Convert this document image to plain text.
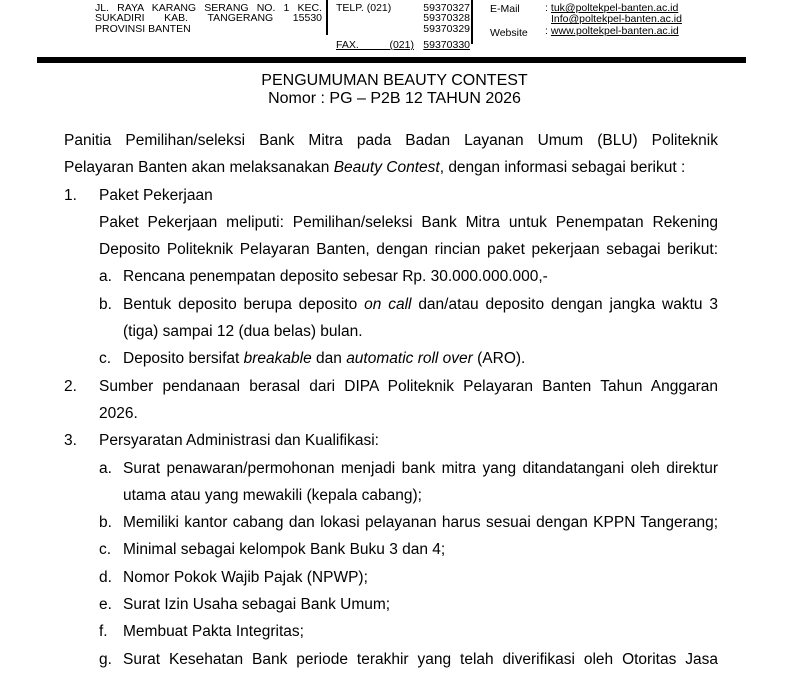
JL. RAYA KARANG SERANG NO. 1 KEC.
SUKADIRI KAB. TANGERANG 15530
PROVINSI BANTEN
TELP. (021)	59370327
59370328
59370329
FAX. (021) 59370330
E-Mail : tuk@poltekpel-banten.ac.id
Info@poltekpel-banten.ac.id
Website : www.poltekpel-banten.ac.id
PENGUMUMAN BEAUTY CONTEST
Nomor : PG – P2B 12 TAHUN 2026
Panitia Pemilihan/seleksi Bank Mitra pada Badan Layanan Umum (BLU) Politeknik
Pelayaran Banten akan melaksanakan Beauty Contest, dengan informasi sebagai berikut :
1.	Paket Pekerjaan
Paket Pekerjaan meliputi: Pemilihan/seleksi Bank Mitra untuk Penempatan Rekening
Deposito Politeknik Pelayaran Banten, dengan rincian paket pekerjaan sebagai berikut:
a. Rencana penempatan deposito sebesar Rp. 30.000.000.000,-
b. Bentuk deposito berupa deposito on call dan/atau deposito dengan jangka waktu 3
(tiga) sampai 12 (dua belas) bulan.
c. Deposito bersifat breakable dan automatic roll over (ARO).
2.	Sumber pendanaan berasal dari DIPA Politeknik Pelayaran Banten Tahun Anggaran
2026.
3.	Persyaratan Administrasi dan Kualifikasi:
a. Surat penawaran/permohonan menjadi bank mitra yang ditandatangani oleh direktur
utama atau yang mewakili (kepala cabang);
b. Memiliki kantor cabang dan lokasi pelayanan harus sesuai dengan KPPN Tangerang;
c. Minimal sebagai kelompok Bank Buku 3 dan 4;
d. Nomor Pokok Wajib Pajak (NPWP);
e. Surat Izin Usaha sebagai Bank Umum;
f. Membuat Pakta Integritas;
g. Surat Kesehatan Bank periode terakhir yang telah diverifikasi oleh Otoritas Jasa
